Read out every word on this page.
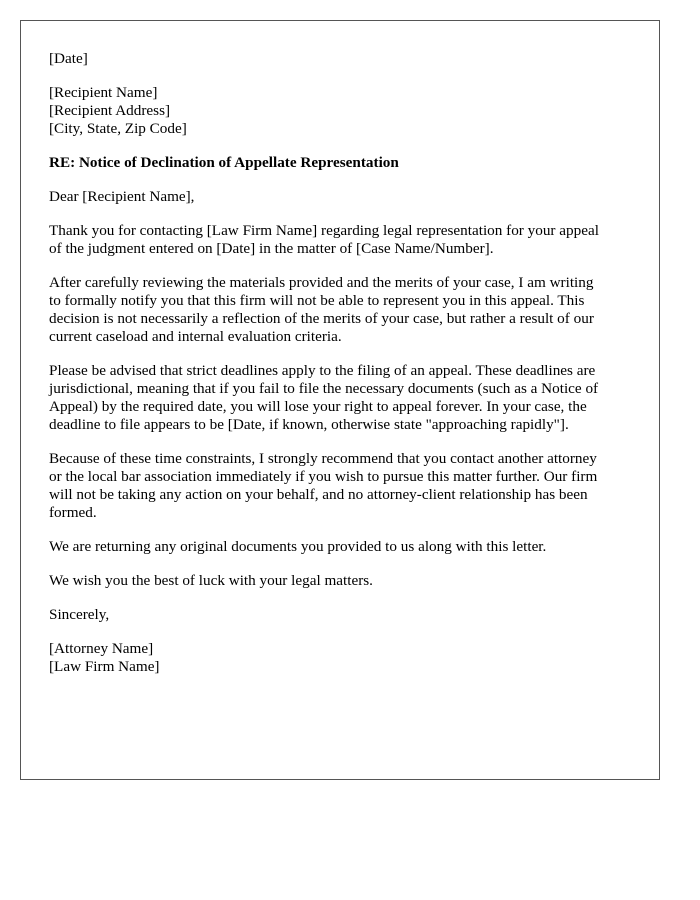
[Date]
[Recipient Name]
[Recipient Address]
[City, State, Zip Code]
RE: Notice of Declination of Appellate Representation
Dear [Recipient Name],

Thank you for contacting [Law Firm Name] regarding legal representation for your appeal
of the judgment entered on [Date] in the matter of [Case Name/Number].

After carefully reviewing the materials provided and the merits of your case, I am writing
to formally notify you that this firm will not be able to represent you in this appeal. This
decision is not necessarily a reflection of the merits of your case, but rather a result of our
current caseload and internal evaluation criteria.

Please be advised that strict deadlines apply to the filing of an appeal. These deadlines are
jurisdictional, meaning that if you fail to file the necessary documents (such as a Notice of
Appeal) by the required date, you will lose your right to appeal forever. In your case, the
deadline to file appears to be [Date, if known, otherwise state "approaching rapidly"].

Because of these time constraints, I strongly recommend that you contact another attorney
or the local bar association immediately if you wish to pursue this matter further. Our firm
will not be taking any action on your behalf, and no attorney-client relationship has been
formed.

We are returning any original documents you provided to us along with this letter.

We wish you the best of luck with your legal matters.

Sincerely,
[Attorney Name]
[Law Firm Name]
